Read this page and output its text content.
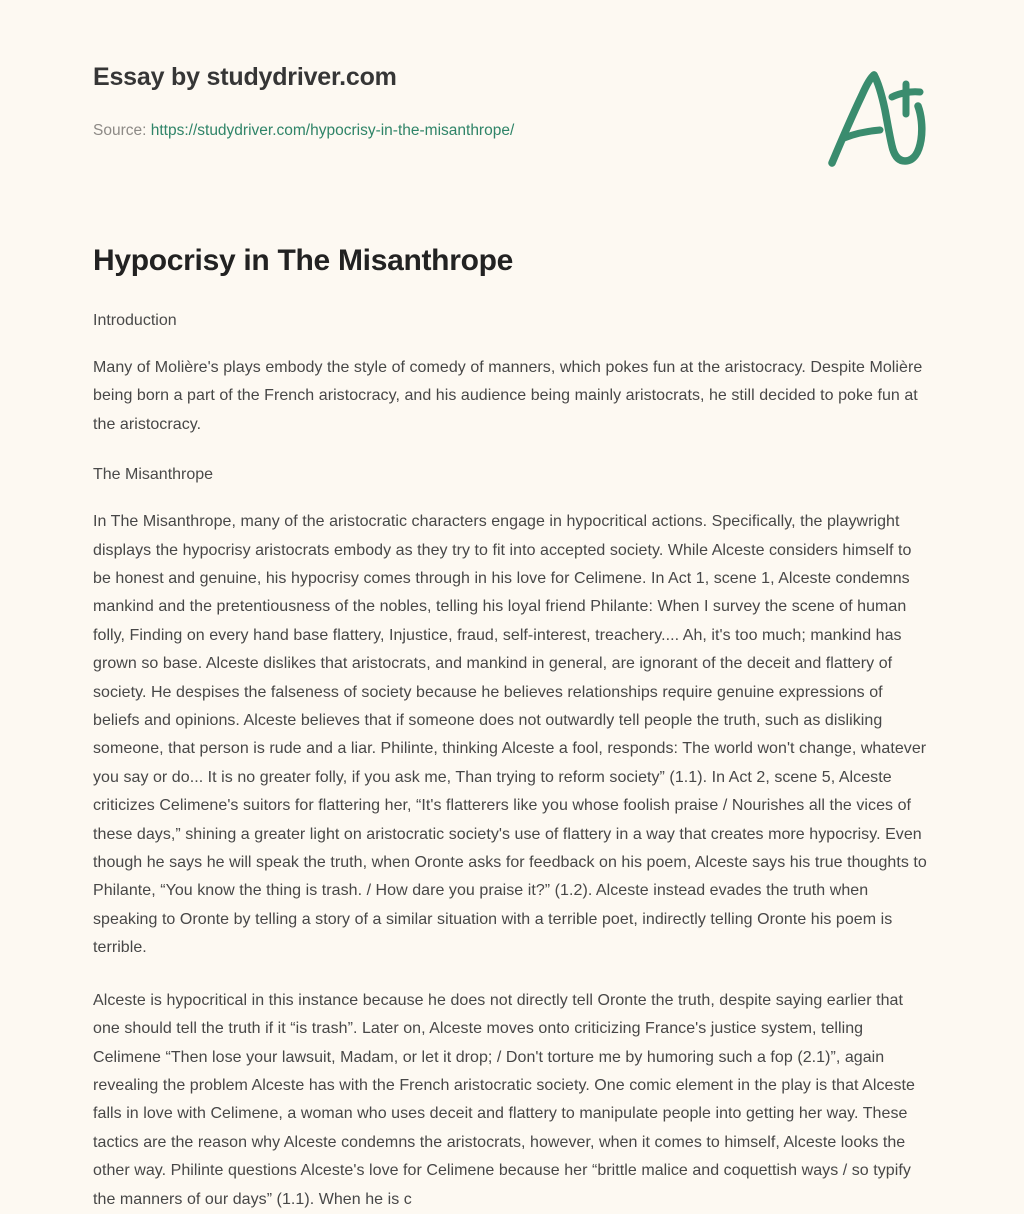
Essay by studydriver.com
Source: https://studydriver.com/hypocrisy-in-the-misanthrope/
Hypocrisy in The Misanthrope
Introduction

Many of Molière's plays embody the style of comedy of manners, which pokes fun at the aristocracy. Despite Molière being born a part of the French aristocracy, and his audience being mainly aristocrats, he still decided to poke fun at the aristocracy.

The Misanthrope

In The Misanthrope, many of the aristocratic characters engage in hypocritical actions. Specifically, the playwright displays the hypocrisy aristocrats embody as they try to fit into accepted society. While Alceste considers himself to be honest and genuine, his hypocrisy comes through in his love for Celimene. In Act 1, scene 1, Alceste condemns mankind and the pretentiousness of the nobles, telling his loyal friend Philante: When I survey the scene of human folly, Finding on every hand base flattery, Injustice, fraud, self-interest, treachery.... Ah, it's too much; mankind has grown so base. Alceste dislikes that aristocrats, and mankind in general, are ignorant of the deceit and flattery of society. He despises the falseness of society because he believes relationships require genuine expressions of beliefs and opinions. Alceste believes that if someone does not outwardly tell people the truth, such as disliking someone, that person is rude and a liar. Philinte, thinking Alceste a fool, responds: The world won't change, whatever you say or do... It is no greater folly, if you ask me, Than trying to reform society” (1.1). In Act 2, scene 5, Alceste criticizes Celimene's suitors for flattering her, “It's flatterers like you whose foolish praise / Nourishes all the vices of these days,” shining a greater light on aristocratic society's use of flattery in a way that creates more hypocrisy. Even though he says he will speak the truth, when Oronte asks for feedback on his poem, Alceste says his true thoughts to Philante, “You know the thing is trash. / How dare you praise it?” (1.2). Alceste instead evades the truth when speaking to Oronte by telling a story of a similar situation with a terrible poet, indirectly telling Oronte his poem is terrible.

Alceste is hypocritical in this instance because he does not directly tell Oronte the truth, despite saying earlier that one should tell the truth if it “is trash”. Later on, Alceste moves onto criticizing France's justice system, telling Celimene “Then lose your lawsuit, Madam, or let it drop; / Don't torture me by humoring such a fop (2.1)”, again revealing the problem Alceste has with the French aristocratic society. One comic element in the play is that Alceste falls in love with Celimene, a woman who uses deceit and flattery to manipulate people into getting her way. These tactics are the reason why Alceste condemns the aristocrats, however, when it comes to himself, Alceste looks the other way. Philinte questions Alceste's love for Celimene because her “brittle malice and coquettish ways / so typify the manners of our days” (1.1). When he is c
